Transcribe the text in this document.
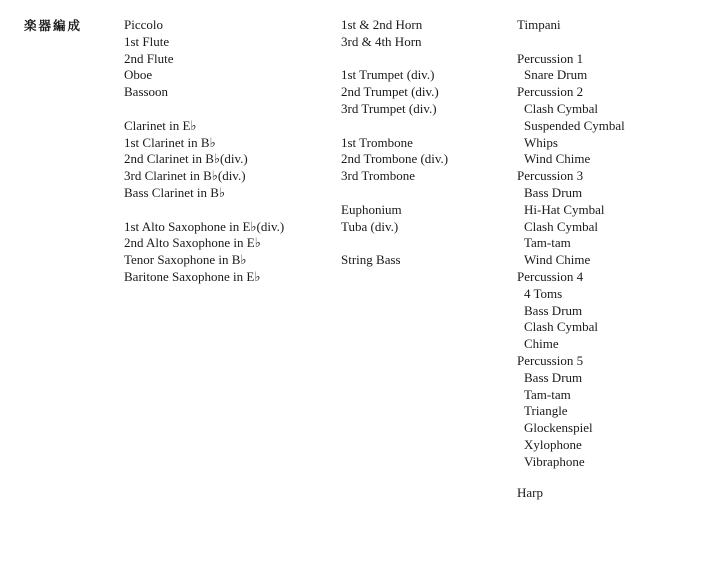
楽器編成	Piccolo
1st Flute
2nd Flute
Oboe
Bassoon
Clarinet in E♭
1st Clarinet in B♭
2nd Clarinet in B♭(div.)
3rd Clarinet in B♭(div.)
Bass Clarinet in B♭
1st Alto Saxophone in E♭(div.)
2nd Alto Saxophone in E♭
Tenor Saxophone in B♭
Baritone Saxophone in E♭
1st & 2nd Horn
3rd & 4th Horn
1st Trumpet (div.)
2nd Trumpet (div.)
3rd Trumpet (div.)
1st Trombone
2nd Trombone (div.)
3rd Trombone
Euphonium
Tuba (div.)
String Bass
Timpani
Percussion 1
Snare Drum
Percussion 2
Clash Cymbal
Suspended Cymbal
Whips
Wind Chime
Percussion 3
Bass Drum
Hi-Hat Cymbal
Clash Cymbal
Tam-tam
Wind Chime
Percussion 4
4 Toms
Bass Drum
Clash Cymbal
Chime
Percussion 5
Bass Drum
Tam-tam
Triangle
Glockenspiel
Xylophone
Vibraphone
Harp
